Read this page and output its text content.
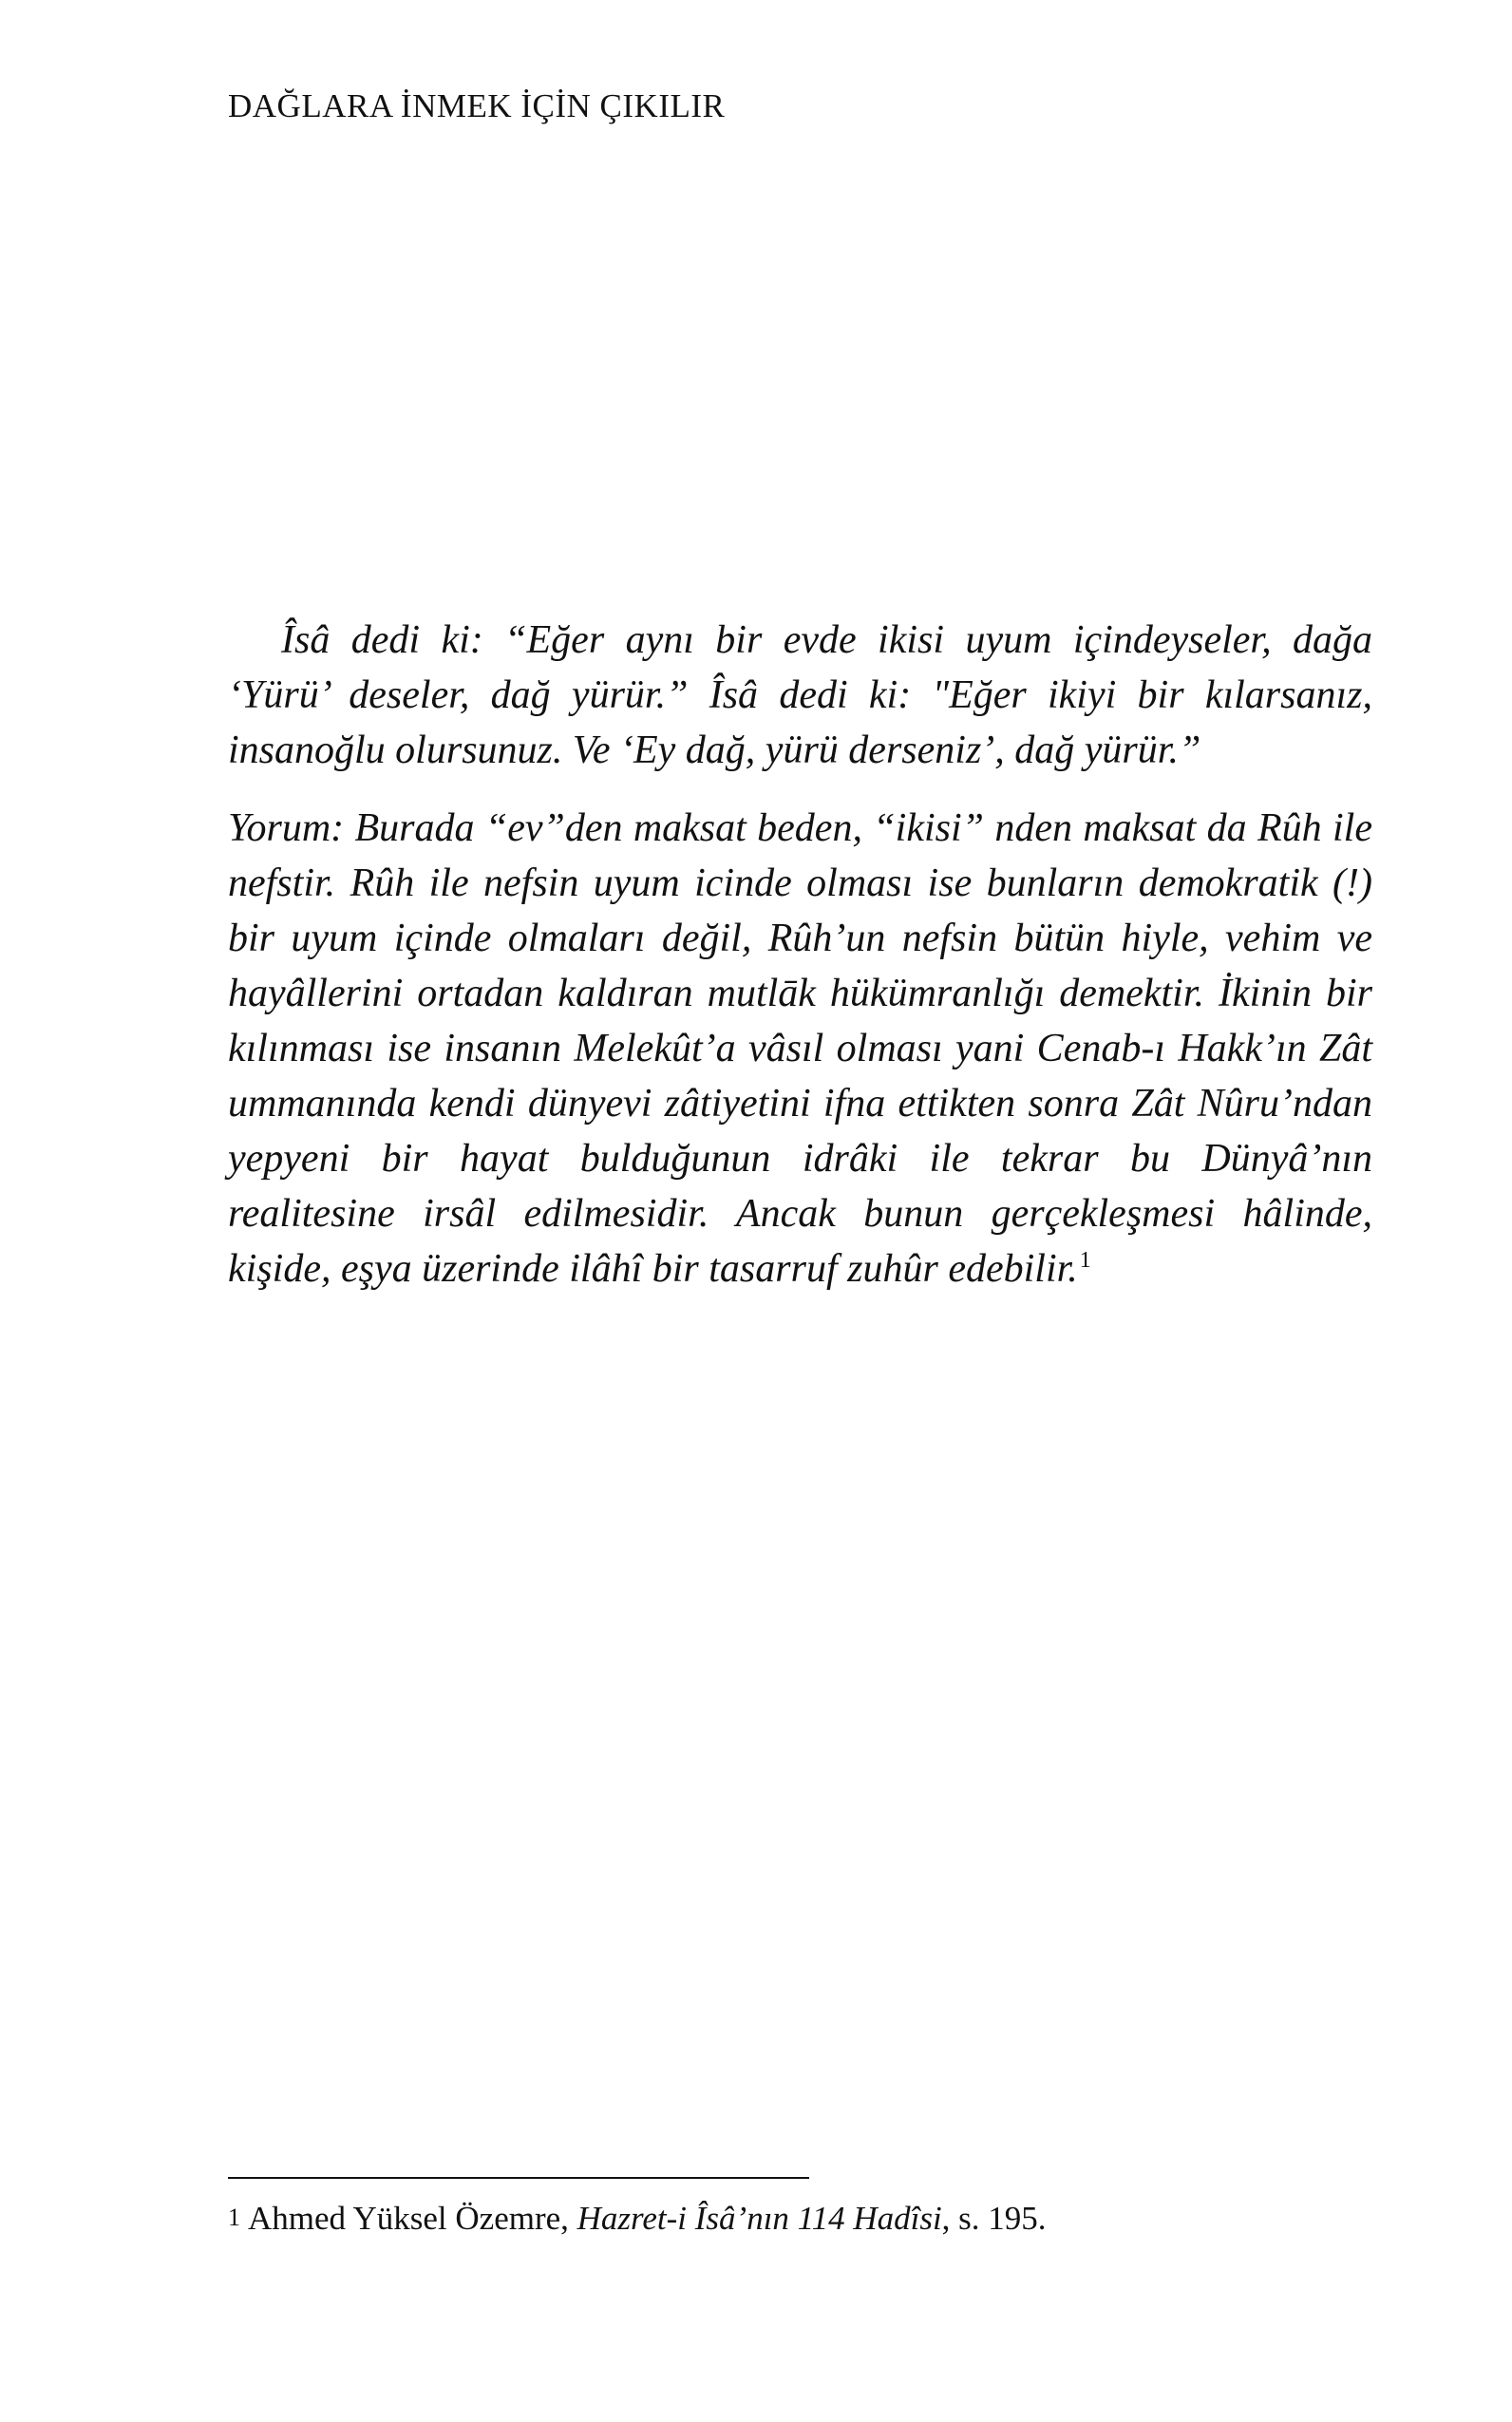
DAĞLARA İNMEK İÇİN ÇIKILIR

Îsâ dedi ki: “Eğer aynı bir evde ikisi uyum içindeyseler, dağa ‘Yürü’ deseler, dağ yürür.” Îsâ dedi ki: "Eğer ikiyi bir kılarsanız, insanoğlu olursunuz. Ve ‘Ey dağ, yürü derseniz’, dağ yürür.”

Yorum: Burada “ev”den maksat beden, “ikisi” nden maksat da Rûh ile nefstir. Rûh ile nefsin uyum icinde olması ise bunların demokratik (!) bir uyum içinde olmaları değil, Rûh’un nefsin bütün hiyle, vehim ve hayâllerini ortadan kaldıran mutlāk hükümranlığı demektir. İkinin bir kılınması ise insanın Melekût’a vâsıl olması yani Cenab-ı Hakk’ın Zât ummanında kendi dünyevi zâtiyetini ifna ettikten sonra Zât Nûru’ndan yepyeni bir hayat bulduğunun idrâki ile tekrar bu Dünyâ’nın realitesine irsâl edilmesidir. Ancak bunun gerçekleşmesi hâlinde, kişide, eşya üzerinde ilâhî bir tasarruf zuhûr edebilir.$^1$

$^1$ Ahmed Yüksel Özemre, Hazret-i Îsâ’nın 114 Hadîsi, s. 195.
